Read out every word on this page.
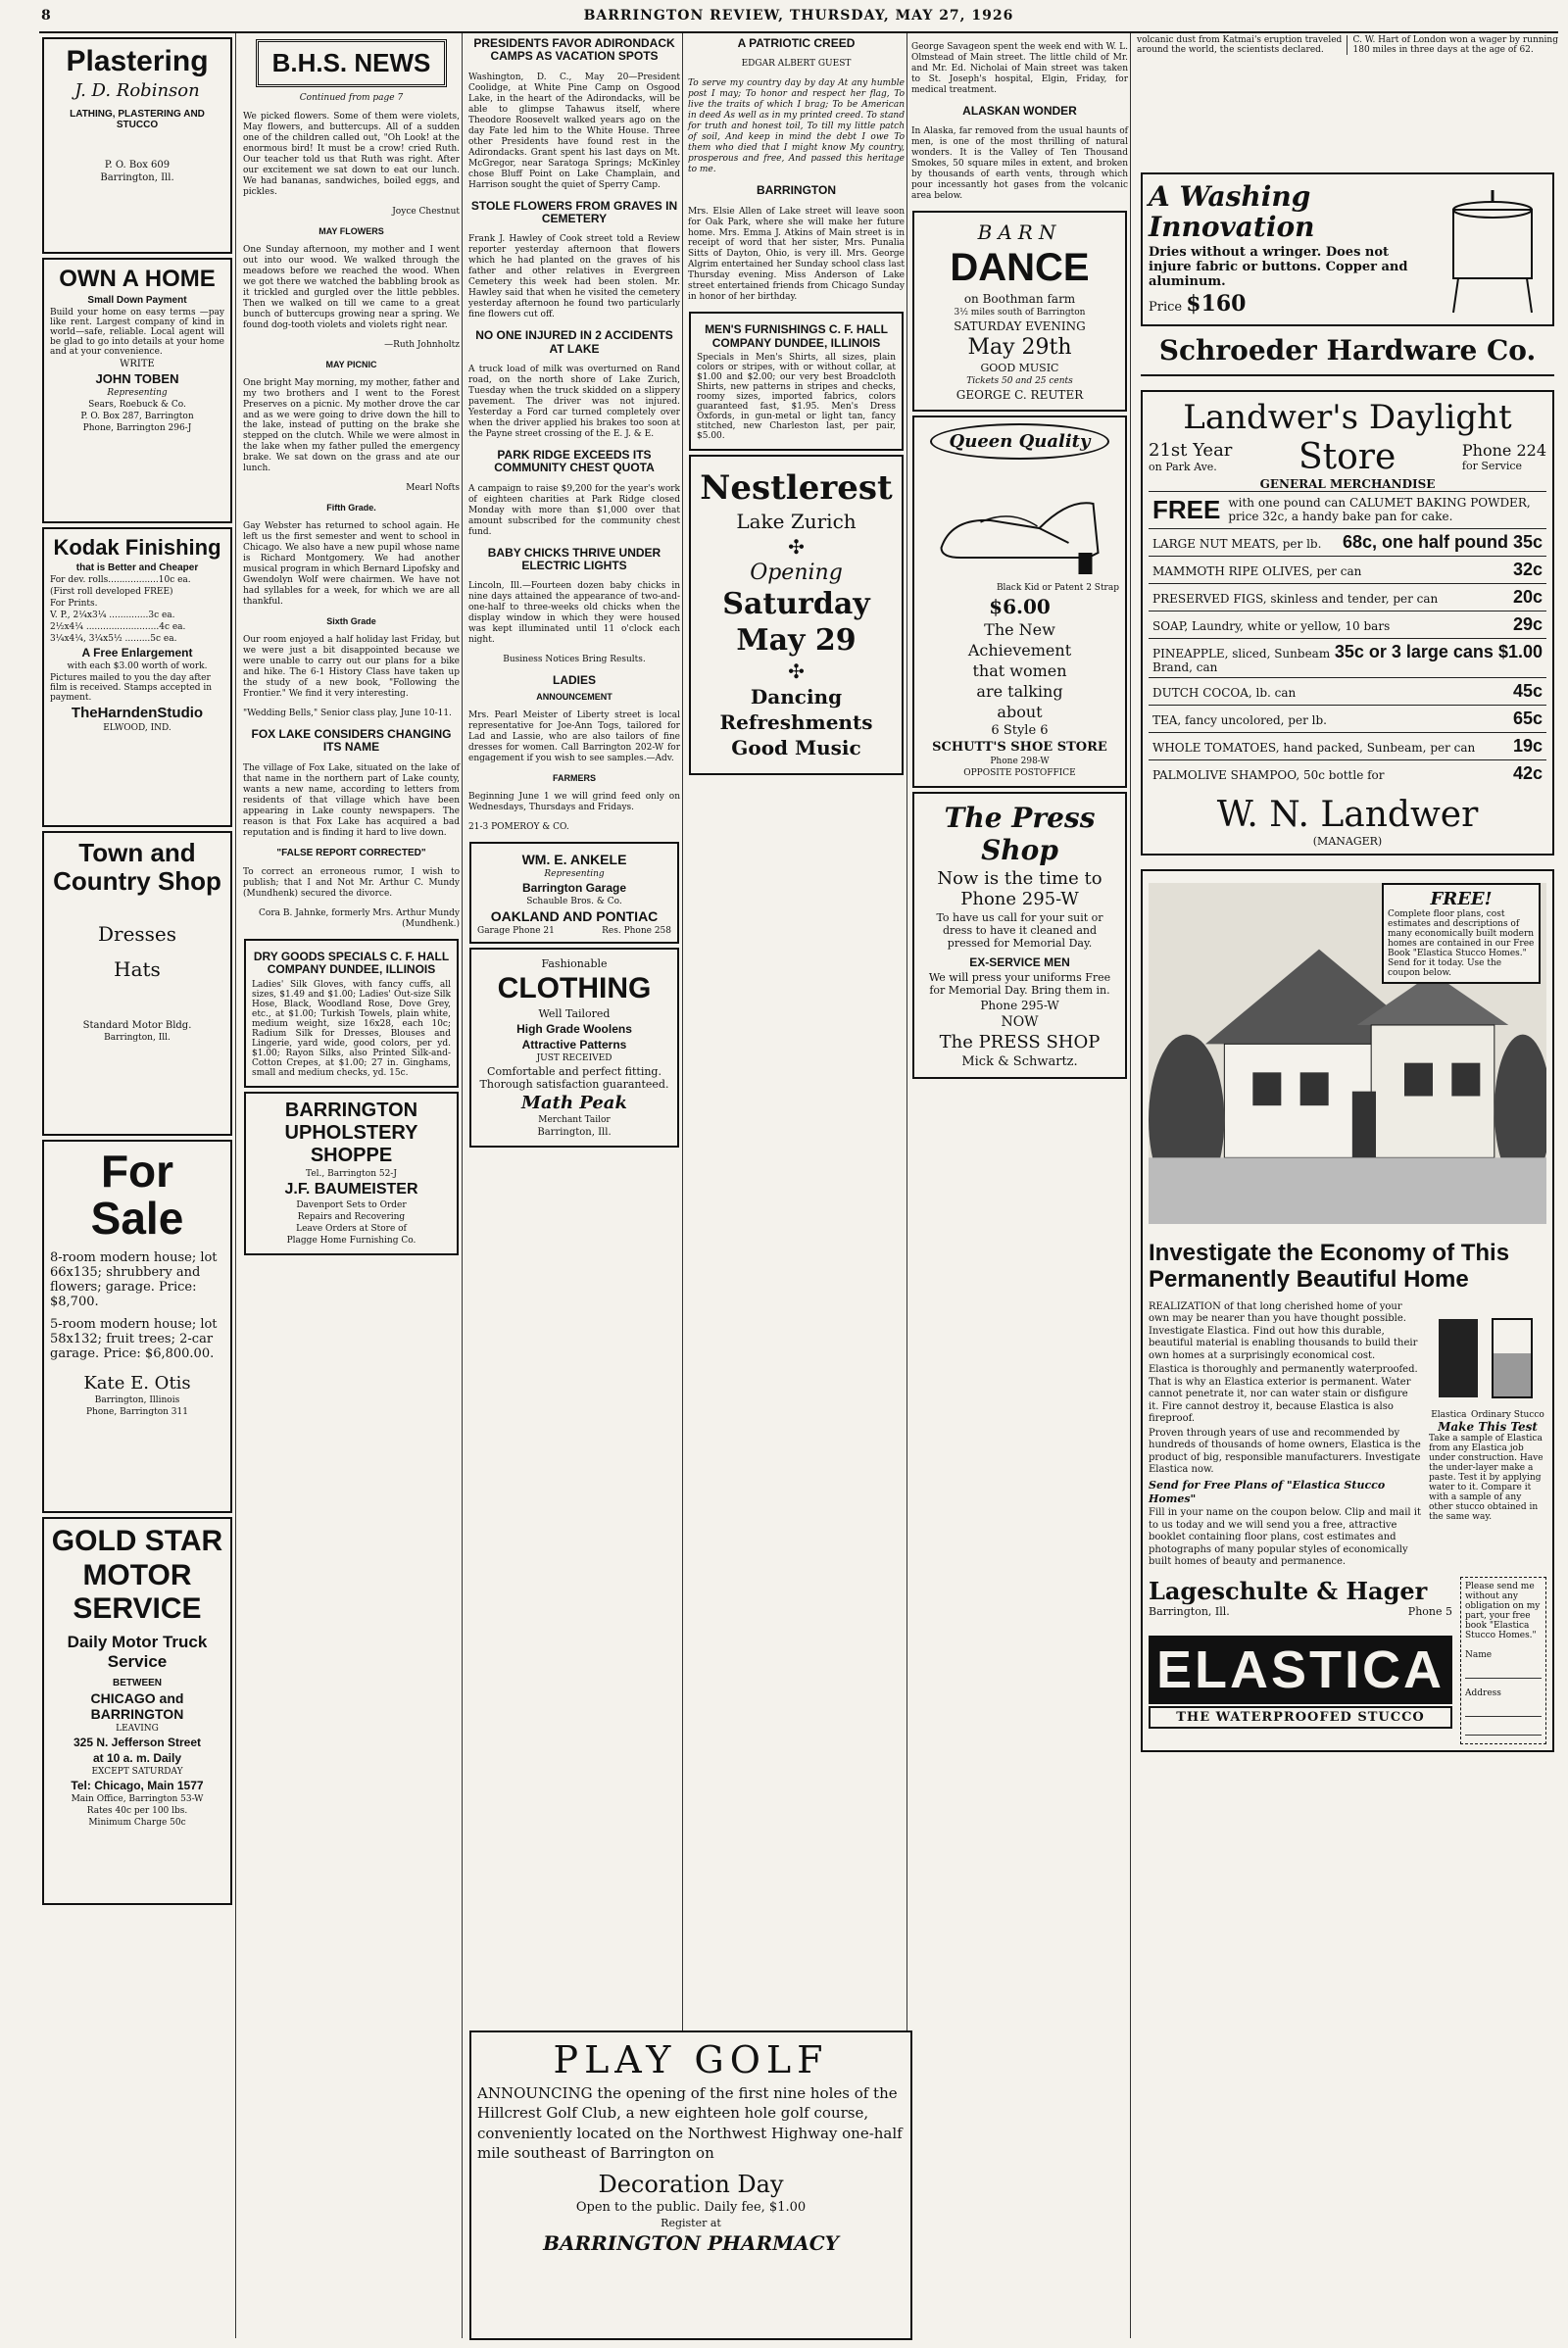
8	BARRINGTON REVIEW, THURSDAY, MAY 27, 1926
Plastering

J. D. Robinson

LATHING, PLASTERING AND STUCCO

P. O. Box 609

Barrington, Ill.

OWN A HOME

Small Down Payment

Build your home on easy terms —pay like rent. Largest company of kind in world—safe, reliable. Local agent will be glad to go into details at your home and at your convenience.

WRITE

JOHN TOBEN

Representing

Sears, Roebuck & Co.

P. O. Box 287, Barrington

Phone, Barrington 296-J

Kodak Finishing

that is Better and Cheaper

For dev. rolls..................10c ea.

(First roll developed FREE)

For Prints.

V. P., 2¼x3¼ ..............3c ea.

2½x4¼ ..........................4c ea.

3¼x4¼, 3¼x5½ .........5c ea.

A Free Enlargement

with each $3.00 worth of work.

Pictures mailed to you the day after film is received. Stamps accepted in payment.

TheHarndenStudio

ELWOOD, IND.

Town and Country Shop

Dresses

Hats

Standard Motor Bldg.

Barrington, Ill.

For Sale

8-room modern house; lot 66x135; shrubbery and flowers; garage. Price: $8,700.

5-room modern house; lot 58x132; fruit trees; 2-car garage. Price: $6,800.00.

Kate E. Otis

Barrington, Illinois

Phone, Barrington 311

GOLD STAR MOTOR SERVICE

Daily Motor Truck Service

BETWEEN

CHICAGO and BARRINGTON

LEAVING

325 N. Jefferson Street

at 10 a. m. Daily

EXCEPT SATURDAY

Tel: Chicago, Main 1577

Main Office, Barrington 53-W

Rates 40c per 100 lbs.

Minimum Charge 50c

B.H.S. NEWS
Continued from page 7

We picked flowers. Some of them were violets, May flowers, and buttercups. All of a sudden one of the children called out, "Oh Look! at the enormous bird! It must be a crow! cried Ruth. Our teacher told us that Ruth was right. After our excitement we sat down to eat our lunch. We had bananas, sandwiches, boiled eggs, and pickles.

Joyce Chestnut

MAY FLOWERS

One Sunday afternoon, my mother and I went out into our wood. We walked through the meadows before we reached the wood. When we got there we watched the babbling brook as it trickled and gurgled over the little pebbles. Then we walked on till we came to a great bunch of buttercups growing near a spring. We found dog-tooth violets and violets right near.

—Ruth Johnholtz

MAY PICNIC

One bright May morning, my mother, father and my two brothers and I went to the Forest Preserves on a picnic. My mother drove the car and as we were going to drive down the hill to the lake, instead of putting on the brake she stepped on the clutch. While we were almost in the lake when my father pulled the emergency brake. We sat down on the grass and ate our lunch.

Mearl Nofts

Fifth Grade.

Gay Webster has returned to school again. He left us the first semester and went to school in Chicago. We also have a new pupil whose name is Richard Montgomery. We had another musical program in which Bernard Lipofsky and Gwendolyn Wolf were chairmen. We have not had syllables for a week, for which we are all thankful.

Sixth Grade

Our room enjoyed a half holiday last Friday, but we were just a bit disappointed because we were unable to carry out our plans for a bike and hike. The 6-1 History Class have taken up the study of a new book, "Following the Frontier." We find it very interesting.

"Wedding Bells," Senior class play, June 10-11.

FOX LAKE CONSIDERS CHANGING ITS NAME

The village of Fox Lake, situated on the lake of that name in the northern part of Lake county, wants a new name, according to letters from residents of that village which have been appearing in Lake county newspapers. The reason is that Fox Lake has acquired a bad reputation and is finding it hard to live down.

"FALSE REPORT CORRECTED"

To correct an erroneous rumor, I wish to publish; that I and Not Mr. Arthur C. Mundy (Mundhenk) secured the divorce.

Cora B. Jahnke, formerly Mrs. Arthur Mundy (Mundhenk.)

DRY GOODS SPECIALS C. F. HALL COMPANY DUNDEE, ILLINOIS

Ladies' Silk Gloves, with fancy cuffs, all sizes, $1.49 and $1.00; Ladies' Out-size Silk Hose, Black, Woodland Rose, Dove Grey, etc., at $1.00; Turkish Towels, plain white, medium weight, size 16x28, each 10c; Radium Silk for Dresses, Blouses and Lingerie, yard wide, good colors, per yd. $1.00; Rayon Silks, also Printed Silk-and-Cotton Crepes, at $1.00; 27 in. Ginghams, small and medium checks, yd. 15c.

BARRINGTON UPHOLSTERY SHOPPE

Tel., Barrington 52-J

J.F. BAUMEISTER

Davenport Sets to Order

Repairs and Recovering

Leave Orders at Store of

Plagge Home Furnishing Co.

PRESIDENTS FAVOR ADIRONDACK CAMPS AS VACATION SPOTS

Washington, D. C., May 20—President Coolidge, at White Pine Camp on Osgood Lake, in the heart of the Adirondacks, will be able to glimpse Tahawus itself, where Theodore Roosevelt walked years ago on the day Fate led him to the White House. Three other Presidents have found rest in the Adirondacks. Grant spent his last days on Mt. McGregor, near Saratoga Springs; McKinley chose Bluff Point on Lake Champlain, and Harrison sought the quiet of Sperry Camp.

STOLE FLOWERS FROM GRAVES IN CEMETERY

Frank J. Hawley of Cook street told a Review reporter yesterday afternoon that flowers which he had planted on the graves of his father and other relatives in Evergreen Cemetery this week had been stolen. Mr. Hawley said that when he visited the cemetery yesterday afternoon he found two particularly fine flowers cut off.

NO ONE INJURED IN 2 ACCIDENTS AT LAKE

A truck load of milk was overturned on Rand road, on the north shore of Lake Zurich, Tuesday when the truck skidded on a slippery pavement. The driver was not injured. Yesterday a Ford car turned completely over when the driver applied his brakes too soon at the Payne street crossing of the E. J. & E.

PARK RIDGE EXCEEDS ITS COMMUNITY CHEST QUOTA

A campaign to raise $9,200 for the year's work of eighteen charities at Park Ridge closed Monday with more than $1,000 over that amount subscribed for the community chest fund.

BABY CHICKS THRIVE UNDER ELECTRIC LIGHTS

Lincoln, Ill.—Fourteen dozen baby chicks in nine days attained the appearance of two-and-one-half to three-weeks old chicks when the display window in which they were housed was kept illuminated until 11 o'clock each night.

Business Notices Bring Results.

LADIES
ANNOUNCEMENT

Mrs. Pearl Meister of Liberty street is local representative for Joe-Ann Togs, tailored for Lad and Lassie, who are also tailors of fine dresses for women. Call Barrington 202-W for engagement if you wish to see samples.—Adv.

FARMERS

Beginning June 1 we will grind feed only on Wednesdays, Thursdays and Fridays.

21-3 POMEROY & CO.

WM. E. ANKELE

Representing

Barrington Garage

Schauble Bros. & Co.

OAKLAND AND PONTIAC

Garage Phone 21	Res. Phone 258

Fashionable

CLOTHING

Well Tailored

High Grade Woolens

Attractive Patterns

JUST RECEIVED

Comfortable and perfect fitting. Thorough satisfaction guaranteed.

Math Peak

Merchant Tailor

Barrington, Ill.

A PATRIOTIC CREED

EDGAR ALBERT GUEST

To serve my country day by day At any humble post I may; To honor and respect her flag, To live the traits of which I brag; To be American in deed As well as in my printed creed. To stand for truth and honest toil, To till my little patch of soil, And keep in mind the debt I owe To them who died that I might know My country, prosperous and free, And passed this heritage to me.

BARRINGTON

Mrs. Elsie Allen of Lake street will leave soon for Oak Park, where she will make her future home. Mrs. Emma J. Atkins of Main street is in receipt of word that her sister, Mrs. Punalia Sitts of Dayton, Ohio, is very ill. Mrs. George Algrim entertained her Sunday school class last Thursday evening. Miss Anderson of Lake street entertained friends from Chicago Sunday in honor of her birthday.

MEN'S FURNISHINGS C. F. HALL COMPANY DUNDEE, ILLINOIS

Specials in Men's Shirts, all sizes, plain colors or stripes, with or without collar, at $1.00 and $2.00; our very best Broadcloth Shirts, new patterns in stripes and checks, roomy sizes, imported fabrics, colors guaranteed fast, $1.95. Men's Dress Oxfords, in gun-metal or light tan, fancy stitched, new Charleston last, per pair, $5.00.

Nestlerest

Lake Zurich

✣

Opening

Saturday

May 29

✣

Dancing

Refreshments

Good Music

PLAY GOLF

ANNOUNCING the opening of the first nine holes of the Hillcrest Golf Club, a new eighteen hole golf course, conveniently located on the Northwest Highway one-half mile southeast of Barrington on

Decoration Day

Open to the public. Daily fee, $1.00

Register at

BARRINGTON PHARMACY

George Savageon spent the week end with W. L. Olmstead of Main street. The little child of Mr. and Mr. Ed. Nicholai of Main street was taken to St. Joseph's hospital, Elgin, Friday, for medical treatment.

ALASKAN WONDER

In Alaska, far removed from the usual haunts of men, is one of the most thrilling of natural wonders. It is the Valley of Ten Thousand Smokes, 50 square miles in extent, and broken by thousands of earth vents, through which pour incessantly hot gases from the volcanic area below.

BARN

DANCE

on Boothman farm

3½ miles south of Barrington

SATURDAY EVENING

May 29th

GOOD MUSIC

Tickets 50 and 25 cents

GEORGE C. REUTER

Queen Quality

Black Kid or Patent 2 Strap

$6.00

The New

Achievement

that women

are talking

about

6 Style 6

SCHUTT'S SHOE STORE

Phone 298-W

OPPOSITE POSTOFFICE

The Press Shop

Now is the time to Phone 295-W

To have us call for your suit or dress to have it cleaned and pressed for Memorial Day.

EX-SERVICE MEN

We will press your uniforms Free for Memorial Day. Bring them in.

Phone 295-W

NOW

The PRESS SHOP

Mick & Schwartz.

volcanic dust from Katmai's eruption traveled around the world, the scientists declared.

C. W. Hart of London won a wager by running 180 miles in three days at the age of 62.

A Washing Innovation

Dries without a wringer. Does not injure fabric or buttons. Copper and aluminum.

Price $160

Schroeder Hardware Co.
Landwer's Daylight
21st Year
on Park Ave.	Store	Phone 224
for Service
GENERAL MERCHANDISE
FREE with one pound can CALUMET BAKING POWDER, price 32c, a handy bake pan for cake.
LARGE NUT MEATS, per lb. 68c, one half pound 35c
MAMMOTH RIPE OLIVES, per can	32c
PRESERVED FIGS, skinless and tender, per can	20c
SOAP, Laundry, white or yellow, 10 bars	29c
PINEAPPLE, sliced, Sunbeam Brand, can
35c or 3 large cans $1.00
DUTCH COCOA, lb. can	45c
TEA, fancy uncolored, per lb.	65c
WHOLE TOMATOES, hand packed, Sunbeam, per can 19c
PALMOLIVE SHAMPOO, 50c bottle for	42c
W. N. Landwer
(MANAGER)
FREE!
Complete floor plans, cost estimates and descriptions of many economically built modern homes are contained in our Free Book "Elastica Stucco Homes." Send for it today. Use the coupon below.
Investigate the Economy of This Permanently Beautiful Home

REALIZATION of that long cherished home of your own may be nearer than you have thought possible. Investigate Elastica. Find out how this durable, beautiful material is enabling thousands to build their own homes at a surprisingly economical cost.

Elastica is thoroughly and permanently waterproofed. That is why an Elastica exterior is permanent. Water cannot penetrate it, nor can water stain or disfigure it. Fire cannot destroy it, because Elastica is also fireproof.

Proven through years of use and recommended by hundreds of thousands of home owners, Elastica is the product of big, responsible manufacturers. Investigate Elastica now.

Send for Free Plans of "Elastica Stucco Homes"

Fill in your name on the coupon below. Clip and mail it to us today and we will send you a free, attractive booklet containing floor plans, cost estimates and photographs of many popular styles of economically built homes of beauty and permanence.

Elastica Ordinary Stucco
Make This Test
Take a sample of Elastica from any Elastica job under construction. Have the under-layer make a paste. Test it by applying water to it. Compare it with a sample of any other stucco obtained in the same way.
Lageschulte & Hager
Barrington, Ill.	Phone 5
ELASTICA
THE WATERPROOFED STUCCO
Please send me without any obligation on my part, your free book "Elastica Stucco Homes."
Name
Address
